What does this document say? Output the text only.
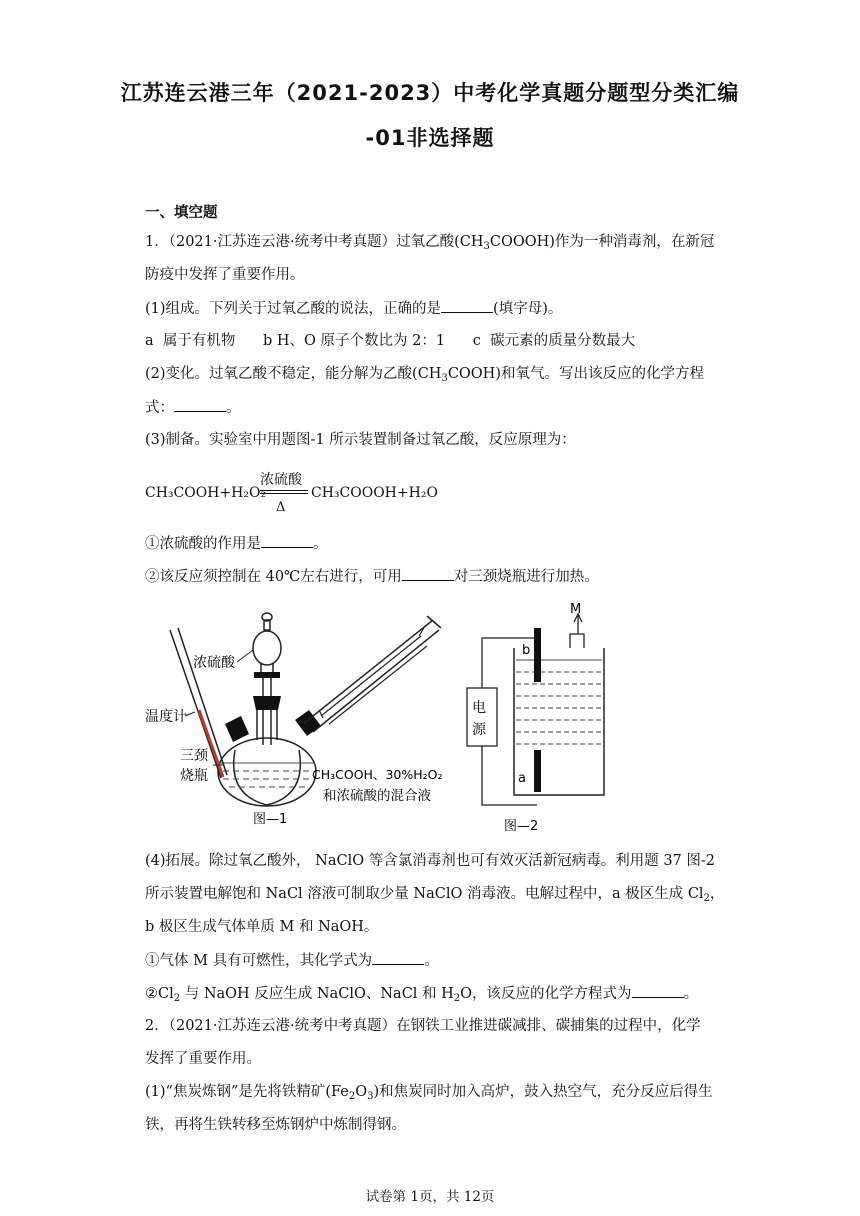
江苏连云港三年（2021-2023）中考化学真题分题型分类汇编
-01非选择题
一、填空题
1．（2021·江苏连云港·统考中考真题）过氧乙酸$(CH_3COOOH)$作为一种消毒剂，在新冠
防疫中发挥了重要作用。
(1)组成。下列关于过氧乙酸的说法，正确的是	(填字母)。
a  属于有机物      b H、O 原子个数比为 2：1      c  碳元素的质量分数最大
(2)变化。过氧乙酸不稳定，能分解为乙酸$(CH_3COOH)$和氧气。写出该反应的化学方程
式：	。
(3)制备。实验室中用题图-1 所示装置制备过氧乙酸，反应原理为：
CH₃COOH+H₂O₂
浓硫酸
Δ
CH₃COOOH+H₂O
①浓硫酸的作用是	。
②该反应须控制在 40℃左右进行，可用	对三颈烧瓶进行加热。
浓硫酸
温度计
三颈
烧瓶	CH₃COOH、30%H₂O₂
和浓硫酸的混合液
图—1
电
源
M
b
a
图—2
(4)拓展。除过氧乙酸外， NaClO 等含氯消毒剂也可有效灭活新冠病毒。利用题 37 图-2
所示装置电解饱和 NaCl 溶液可制取少量 NaClO 消毒液。电解过程中，a 极区生成 $Cl_2$，
b 极区生成气体单质 M 和 NaOH。
①气体 M 具有可燃性，其化学式为	。
$②Cl_2$ 与 NaOH 反应生成 NaClO、NaCl 和 $H_2O$，该反应的化学方程式为	。
2．（2021·江苏连云港·统考中考真题）在钢铁工业推进碳减排、碳捕集的过程中，化学
发挥了重要作用。
(1)“焦炭炼钢”是先将铁精矿$(Fe_2O_3)$和焦炭同时加入高炉，鼓入热空气，充分反应后得生
铁，再将生铁转移至炼钢炉中炼制得钢。
试卷第 1页，共 12页
